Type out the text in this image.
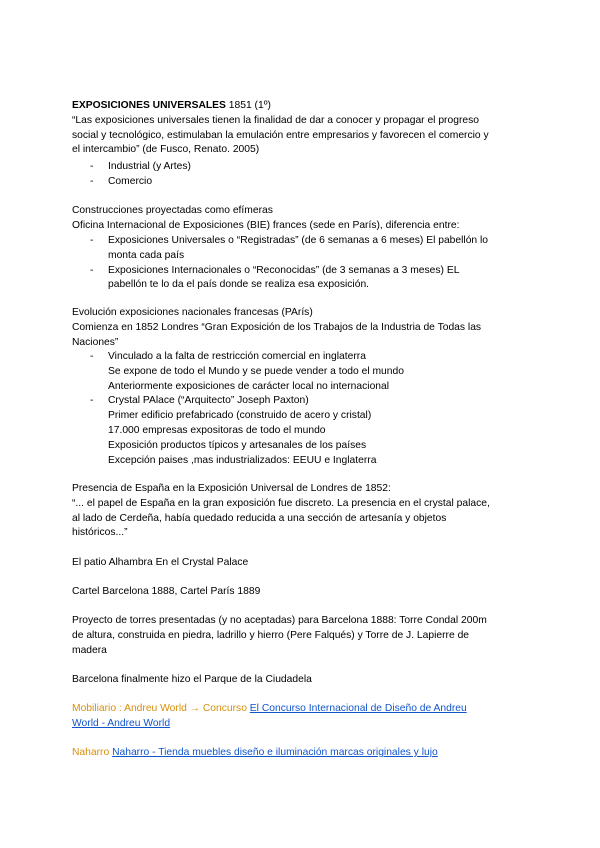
EXPOSICIONES UNIVERSALES 1851 (1º)
“Las exposiciones universales tienen la finalidad de dar a conocer y propagar el progreso
social y tecnológico, estimulaban la emulación entre empresarios y favorecen el comercio y
el intercambio” (de Fusco, Renato. 2005)
- Industrial (y Artes)
- Comercio
Construcciones proyectadas como efímeras
Oficina Internacional de Exposiciones (BIE) frances (sede en París), diferencia entre:
- Exposiciones Universales o “Registradas” (de 6 semanas a 6 meses) El pabellón lo
monta cada país
- Exposiciones Internacionales o “Reconocidas” (de 3 semanas a 3 meses) EL
pabellón te lo da el país donde se realiza esa exposición.
Evolución exposiciones nacionales francesas (PArís)
Comienza en 1852 Londres “Gran Exposición de los Trabajos de la Industria de Todas las
Naciones”
- Vinculado a la falta de restricción comercial en inglaterra
Se expone de todo el Mundo y se puede vender a todo el mundo
Anteriormente exposiciones de carácter local no internacional
- Crystal PAlace (“Arquitecto” Joseph Paxton)
Primer edificio prefabricado (construido de acero y cristal)
17.000 empresas expositoras de todo el mundo
Exposición productos típicos y artesanales de los países
Excepción paises ,mas industrializados: EEUU e Inglaterra
Presencia de España en la Exposición Universal de Londres de 1852:
“... el papel de España en la gran exposición fue discreto. La presencia en el crystal palace,
al lado de Cerdeña, había quedado reducida a una sección de artesanía y objetos
históricos...”
El patio Alhambra En el Crystal Palace
Cartel Barcelona 1888, Cartel París 1889
Proyecto de torres presentadas (y no aceptadas) para Barcelona 1888: Torre Condal 200m
de altura, construida en piedra, ladrillo y hierro (Pere Falqués) y Torre de J. Lapierre de
madera
Barcelona finalmente hizo el Parque de la Ciudadela
Mobiliario : Andreu World → Concurso El Concurso Internacional de Diseño de Andreu
World - Andreu World
Naharro Naharro - Tienda muebles diseño e iluminación marcas originales y lujo
